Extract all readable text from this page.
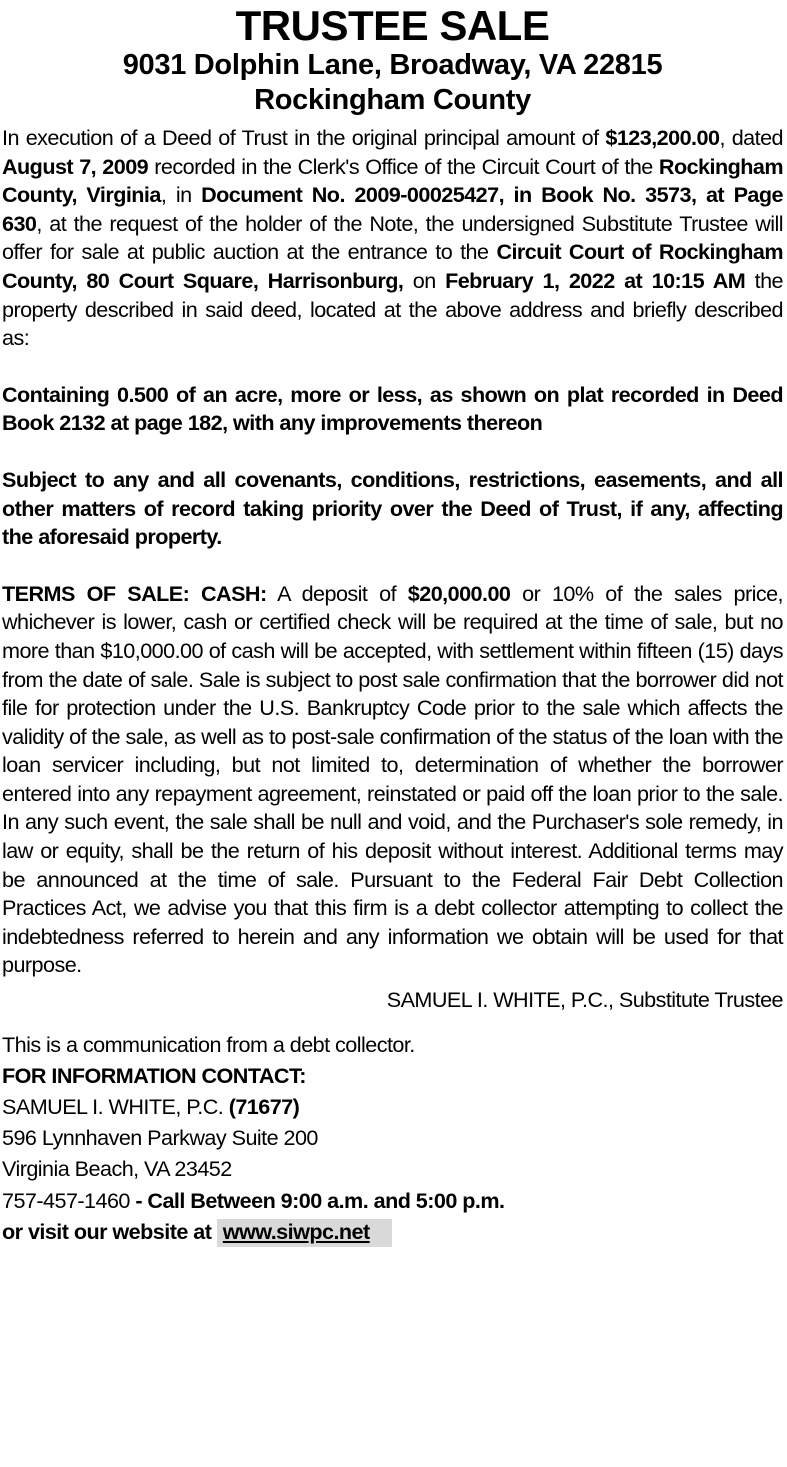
TRUSTEE SALE
9031 Dolphin Lane, Broadway, VA 22815
Rockingham County

In execution of a Deed of Trust in the original principal amount of $123,200.00, dated August 7, 2009 recorded in the Clerk's Office of the Circuit Court of the Rockingham County, Virginia, in Document No. 2009-00025427, in Book No. 3573, at Page 630, at the request of the holder of the Note, the undersigned Substitute Trustee will offer for sale at public auction at the entrance to the Circuit Court of Rockingham County, 80 Court Square, Harrisonburg, on February 1, 2022 at 10:15 AM the property described in said deed, located at the above address and briefly described as:

Containing 0.500 of an acre, more or less, as shown on plat recorded in Deed Book 2132 at page 182, with any improvements thereon

Subject to any and all covenants, conditions, restrictions, easements, and all other matters of record taking priority over the Deed of Trust, if any, affecting the aforesaid property.

TERMS OF SALE: CASH: A deposit of $20,000.00 or 10% of the sales price, whichever is lower, cash or certified check will be required at the time of sale, but no more than $10,000.00 of cash will be accepted, with settlement within fifteen (15) days from the date of sale. Sale is subject to post sale confirmation that the borrower did not file for protection under the U.S. Bankruptcy Code prior to the sale which affects the validity of the sale, as well as to post-sale confirmation of the status of the loan with the loan servicer including, but not limited to, determination of whether the borrower entered into any repayment agreement, reinstated or paid off the loan prior to the sale. In any such event, the sale shall be null and void, and the Purchaser's sole remedy, in law or equity, shall be the return of his deposit without interest. Additional terms may be announced at the time of sale. Pursuant to the Federal Fair Debt Collection Practices Act, we advise you that this firm is a debt collector attempting to collect the indebtedness referred to herein and any information we obtain will be used for that purpose.

SAMUEL I. WHITE, P.C., Substitute Trustee

This is a communication from a debt collector.
FOR INFORMATION CONTACT:
SAMUEL I. WHITE, P.C. (71677)
596 Lynnhaven Parkway Suite 200
Virginia Beach, VA 23452
757-457-1460 - Call Between 9:00 a.m. and 5:00 p.m.
or visit our website at www.siwpc.net
